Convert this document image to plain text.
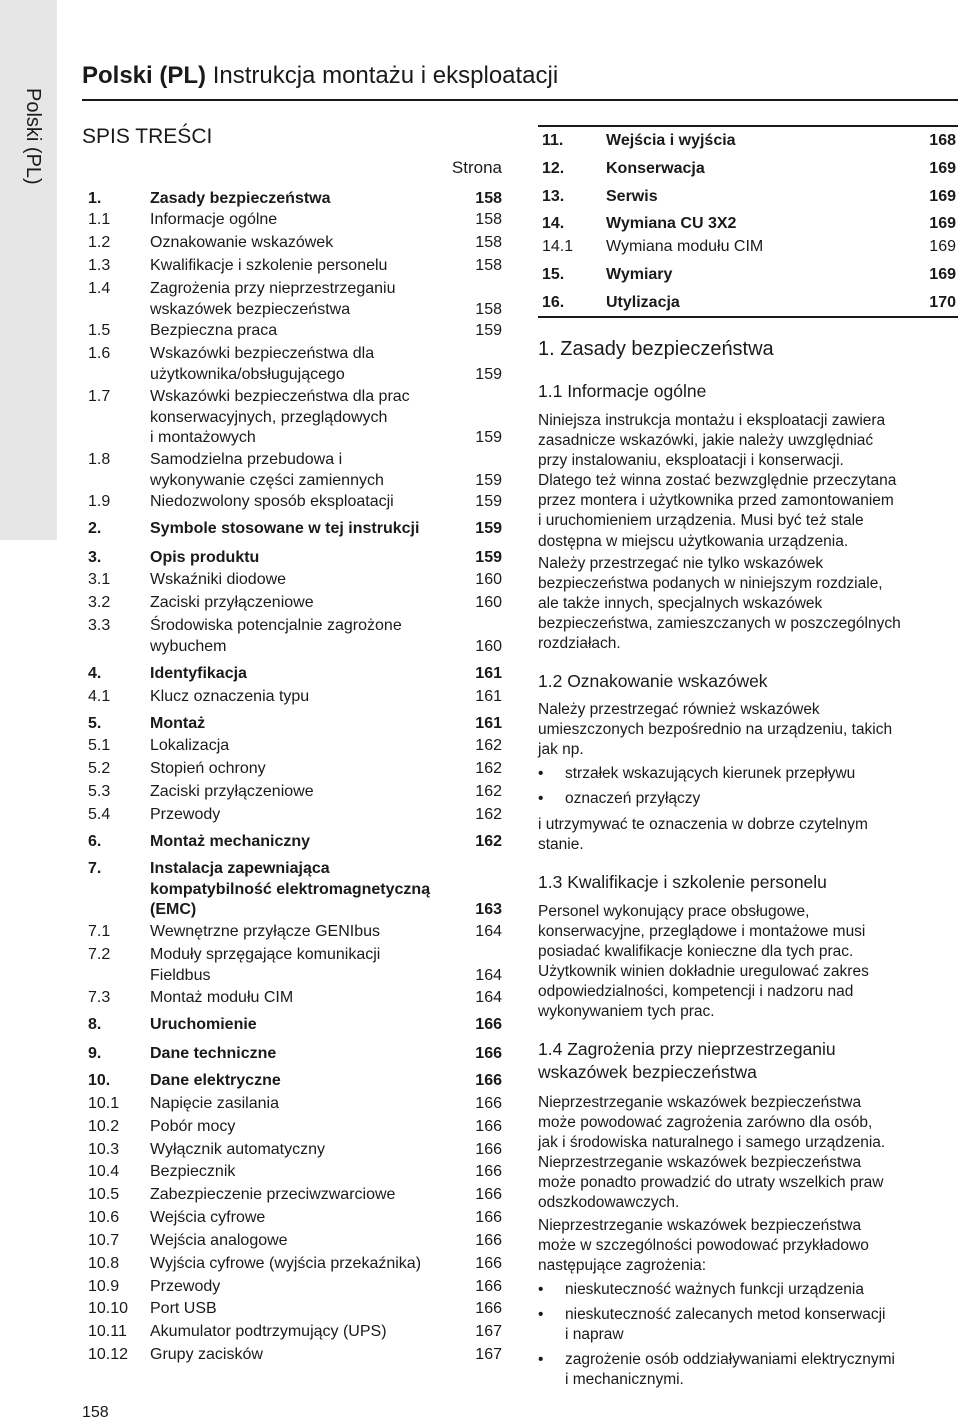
Polski (PL)
Polski (PL) Instrukcja montażu i eksploatacji
SPIS TREŚCI
Strona
1.	Zasady bezpieczeństwa	158
1.1 Informacje ogólne	158
1.2 Oznakowanie wskazówek	158
1.3 Kwalifikacje i szkolenie personelu	158
1.4 Zagrożenia przy nieprzestrzeganiu
wskazówek bezpieczeństwa	158
1.5 Bezpieczna praca	159
1.6 Wskazówki bezpieczeństwa dla
użytkownika/obsługującego	159
1.7 Wskazówki bezpieczeństwa dla prac
konserwacyjnych, przeglądowych
i montażowych	159
1.8 Samodzielna przebudowa i
wykonywanie części zamiennych	159
1.9 Niedozwolony sposób eksploatacji	159
2.	Symbole stosowane w tej instrukcji	159
3.	Opis produktu	159
3.1 Wskaźniki diodowe	160
3.2 Zaciski przyłączeniowe	160
3.3 Środowiska potencjalnie zagrożone
wybuchem	160
4.	Identyfikacja	161
4.1 Klucz oznaczenia typu	161
5.	Montaż	161
5.1 Lokalizacja	162
5.2 Stopień ochrony	162
5.3 Zaciski przyłączeniowe	162
5.4 Przewody	162
6.	Montaż mechaniczny	162
7.	Instalacja zapewniająca
kompatybilność elektromagnetyczną
(EMC)	163
7.1 Wewnętrzne przyłącze GENIbus	164
7.2 Moduły sprzęgające komunikacji
Fieldbus	164
7.3 Montaż modułu CIM	164
8.	Uruchomienie	166
9.	Dane techniczne	166
10. Dane elektryczne	166
10.1 Napięcie zasilania	166
10.2 Pobór mocy	166
10.3 Wyłącznik automatyczny	166
10.4 Bezpiecznik	166
10.5 Zabezpieczenie przeciwzwarciowe	166
10.6 Wejścia cyfrowe	166
10.7 Wejścia analogowe	166
10.8 Wyjścia cyfrowe (wyjścia przekaźnika)	166
10.9 Przewody	166
10.10 Port USB	166
10.11 Akumulator podtrzymujący (UPS)	167
10.12 Grupy zacisków	167
11.	Wejścia i wyjścia	168
12.	Konserwacja	169
13.	Serwis	169
14.	Wymiana CU 3X2	169
14.1 Wymiana modułu CIM	169
15.	Wymiary	169
16.	Utylizacja	170
1. Zasady bezpieczeństwa
1.1 Informacje ogólne
Niniejsza instrukcja montażu i eksploatacji zawiera
zasadnicze wskazówki, jakie należy uwzględniać
przy instalowaniu, eksploatacji i konserwacji.
Dlatego też winna zostać bezwzględnie przeczytana
przez montera i użytkownika przed zamontowaniem
i uruchomieniem urządzenia. Musi być też stale
dostępna w miejscu użytkowania urządzenia.
Należy przestrzegać nie tylko wskazówek
bezpieczeństwa podanych w niniejszym rozdziale,
ale także innych, specjalnych wskazówek
bezpieczeństwa, zamieszczanych w poszczególnych
rozdziałach.
1.2 Oznakowanie wskazówek
Należy przestrzegać również wskazówek
umieszczonych bezpośrednio na urządzeniu, takich
jak np.
• strzałek wskazujących kierunek przepływu
• oznaczeń przyłączy
i utrzymywać te oznaczenia w dobrze czytelnym
stanie.
1.3 Kwalifikacje i szkolenie personelu
Personel wykonujący prace obsługowe,
konserwacyjne, przeglądowe i montażowe musi
posiadać kwalifikacje konieczne dla tych prac.
Użytkownik winien dokładnie uregulować zakres
odpowiedzialności, kompetencji i nadzoru nad
wykonywaniem tych prac.
1.4 Zagrożenia przy nieprzestrzeganiu
wskazówek bezpieczeństwa
Nieprzestrzeganie wskazówek bezpieczeństwa
może powodować zagrożenia zarówno dla osób,
jak i środowiska naturalnego i samego urządzenia.
Nieprzestrzeganie wskazówek bezpieczeństwa
może ponadto prowadzić do utraty wszelkich praw
odszkodowawczych.
Nieprzestrzeganie wskazówek bezpieczeństwa
może w szczególności powodować przykładowo
następujące zagrożenia:
• nieskuteczność ważnych funkcji urządzenia
• nieskuteczność zalecanych metod konserwacji
i napraw
• zagrożenie osób oddziaływaniami elektrycznymi
i mechanicznymi.
158
